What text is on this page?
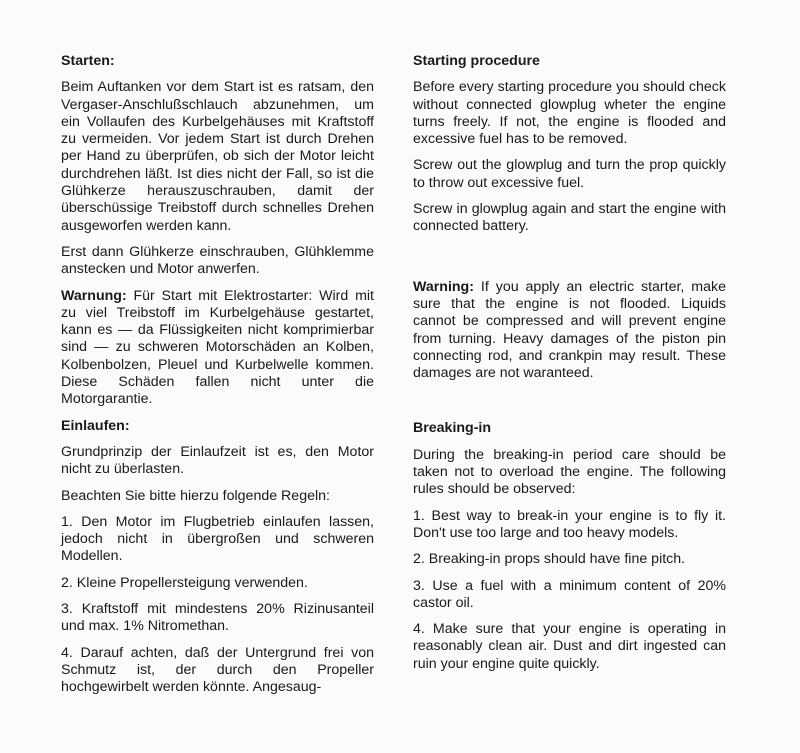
Starten:

Beim Auftanken vor dem Start ist es ratsam, den Vergaser-Anschlußschlauch abzunehmen, um ein Vollaufen des Kurbelgehäuses mit Kraftstoff zu vermeiden. Vor jedem Start ist durch Drehen per Hand zu überprüfen, ob sich der Motor leicht durchdrehen läßt. Ist dies nicht der Fall, so ist die Glühkerze herauszuschrauben, damit der überschüssige Treibstoff durch schnelles Drehen ausgeworfen werden kann.

Erst dann Glühkerze einschrauben, Glühklemme anstecken und Motor anwerfen.

Warnung: Für Start mit Elektrostarter: Wird mit zu viel Treibstoff im Kurbelgehäuse gestartet, kann es — da Flüssigkeiten nicht komprimierbar sind — zu schweren Motorschäden an Kolben, Kolbenbolzen, Pleuel und Kurbelwelle kommen. Diese Schäden fallen nicht unter die Motorgarantie.

Einlaufen:

Grundprinzip der Einlaufzeit ist es, den Motor nicht zu überlasten.

Beachten Sie bitte hierzu folgende Regeln:

1. Den Motor im Flugbetrieb einlaufen lassen, jedoch nicht in übergroßen und schweren Modellen.

2. Kleine Propellersteigung verwenden.

3. Kraftstoff mit mindestens 20% Rizinusanteil und max. 1% Nitromethan.

4. Darauf achten, daß der Untergrund frei von Schmutz ist, der durch den Propeller hochgewirbelt werden könnte. Angesaug-

Starting procedure

Before every starting procedure you should check without connected glowplug wheter the engine turns freely. If not, the engine is flooded and excessive fuel has to be removed.

Screw out the glowplug and turn the prop quickly to throw out excessive fuel.

Screw in glowplug again and start the engine with connected battery.

Warning: If you apply an electric starter, make sure that the engine is not flooded. Liquids cannot be compressed and will prevent engine from turning. Heavy damages of the piston pin connecting rod, and crankpin may result. These damages are not waranteed.

Breaking-in

During the breaking-in period care should be taken not to overload the engine. The following rules should be observed:

1. Best way to break-in your engine is to fly it. Don't use too large and too heavy models.

2. Breaking-in props should have fine pitch.

3. Use a fuel with a minimum content of 20% castor oil.

4. Make sure that your engine is operating in reasonably clean air. Dust and dirt ingested can ruin your engine quite quickly.
